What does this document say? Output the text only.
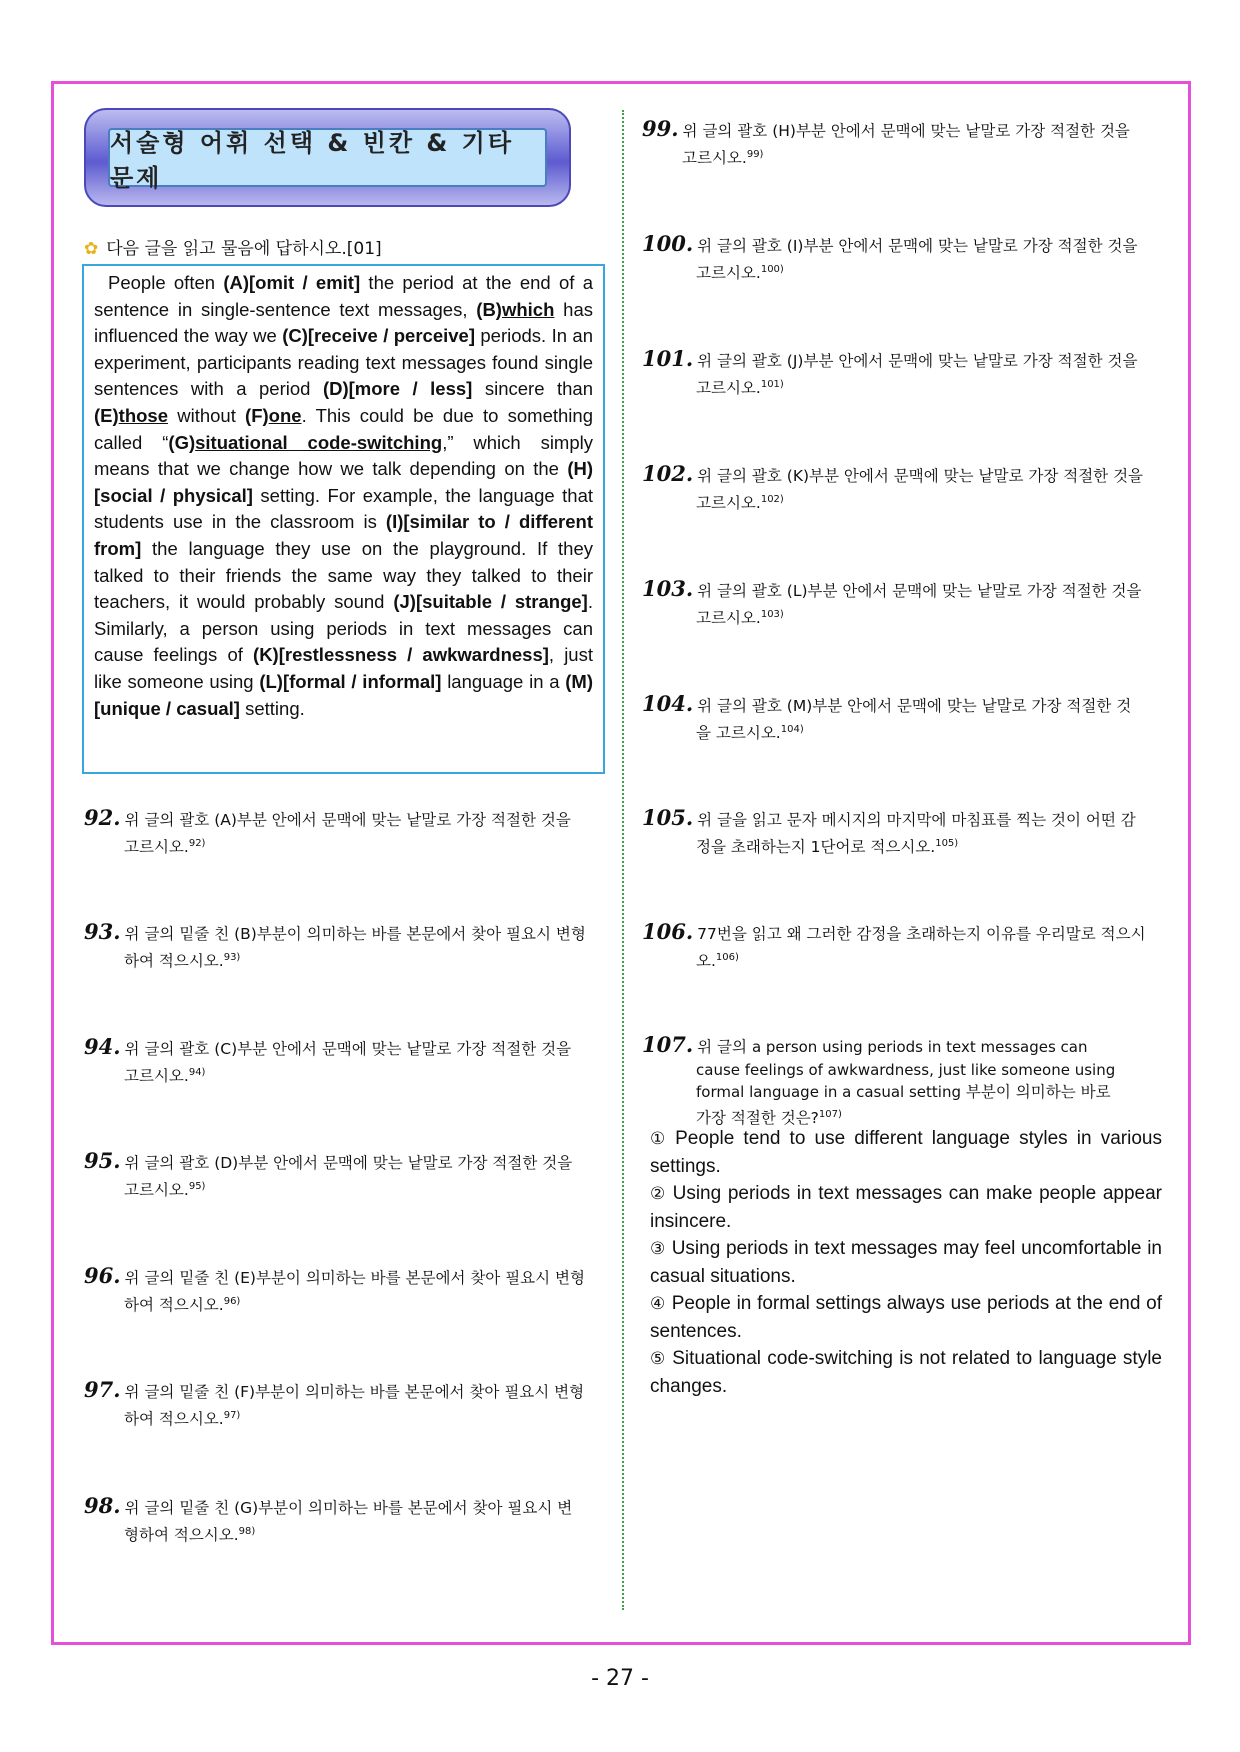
서술형 어휘 선택 & 빈칸 & 기타 문제
✿ 다음 글을 읽고 물음에 답하시오.[01]

People often (A)[omit / emit] the period at the end of a sentence in single-sentence text messages, (B)which has influenced the way we (C)[receive / perceive] periods. In an experiment, participants reading text messages found single sentences with a period (D)[more / less] sincere than (E)those without (F)one. This could be due to something called “(G)situational code-switching,” which simply means that we change how we talk depending on the (H)[social / physical] setting. For example, the language that students use in the classroom is (I)[similar to / different from] the language they use on the playground. If they talked to their friends the same way they talked to their teachers, it would probably sound (J)[suitable / strange]. Similarly, a person using periods in text messages can cause feelings of (K)[restlessness / awkwardness], just like someone using (L)[formal / informal] language in a (M)[unique / casual] setting.

92. 위 글의 괄호 (A)부분 안에서 문맥에 맞는 낱말로 가장 적절한 것을
고르시오.$^{92)}$
93. 위 글의 밑줄 친 (B)부분이 의미하는 바를 본문에서 찾아 필요시 변형
하여 적으시오.$^{93)}$
94. 위 글의 괄호 (C)부분 안에서 문맥에 맞는 낱말로 가장 적절한 것을
고르시오.$^{94)}$
95. 위 글의 괄호 (D)부분 안에서 문맥에 맞는 낱말로 가장 적절한 것을
고르시오.$^{95)}$
96. 위 글의 밑줄 친 (E)부분이 의미하는 바를 본문에서 찾아 필요시 변형
하여 적으시오.$^{96)}$
97. 위 글의 밑줄 친 (F)부분이 의미하는 바를 본문에서 찾아 필요시 변형
하여 적으시오.$^{97)}$
98. 위 글의 밑줄 친 (G)부분이 의미하는 바를 본문에서 찾아 필요시 변
형하여 적으시오.$^{98)}$
99. 위 글의 괄호 (H)부분 안에서 문맥에 맞는 낱말로 가장 적절한 것을
고르시오.$^{99)}$
100. 위 글의 괄호 (I)부분 안에서 문맥에 맞는 낱말로 가장 적절한 것을
고르시오.$^{100)}$
101. 위 글의 괄호 (J)부분 안에서 문맥에 맞는 낱말로 가장 적절한 것을
고르시오.$^{101)}$
102. 위 글의 괄호 (K)부분 안에서 문맥에 맞는 낱말로 가장 적절한 것을
고르시오.$^{102)}$
103. 위 글의 괄호 (L)부분 안에서 문맥에 맞는 낱말로 가장 적절한 것을
고르시오.$^{103)}$
104. 위 글의 괄호 (M)부분 안에서 문맥에 맞는 낱말로 가장 적절한 것
을 고르시오.$^{104)}$
105. 위 글을 읽고 문자 메시지의 마지막에 마침표를 찍는 것이 어떤 감
정을 초래하는지 1단어로 적으시오.$^{105)}$
106. 77번을 읽고 왜 그러한 감정을 초래하는지 이유를 우리말로 적으시
오.$^{106)}$
107. 위 글의 a person using periods in text messages can
cause feelings of awkwardness, just like someone using
formal language in a casual setting 부분이 의미하는 바로
가장 적절한 것은?$^{107)}$
① People tend to use different language styles in various settings.
② Using periods in text messages can make people appear insincere.
③ Using periods in text messages may feel uncomfortable in casual situations.
④ People in formal settings always use periods at the end of sentences.
⑤ Situational code-switching is not related to language style changes.
- 27 -
